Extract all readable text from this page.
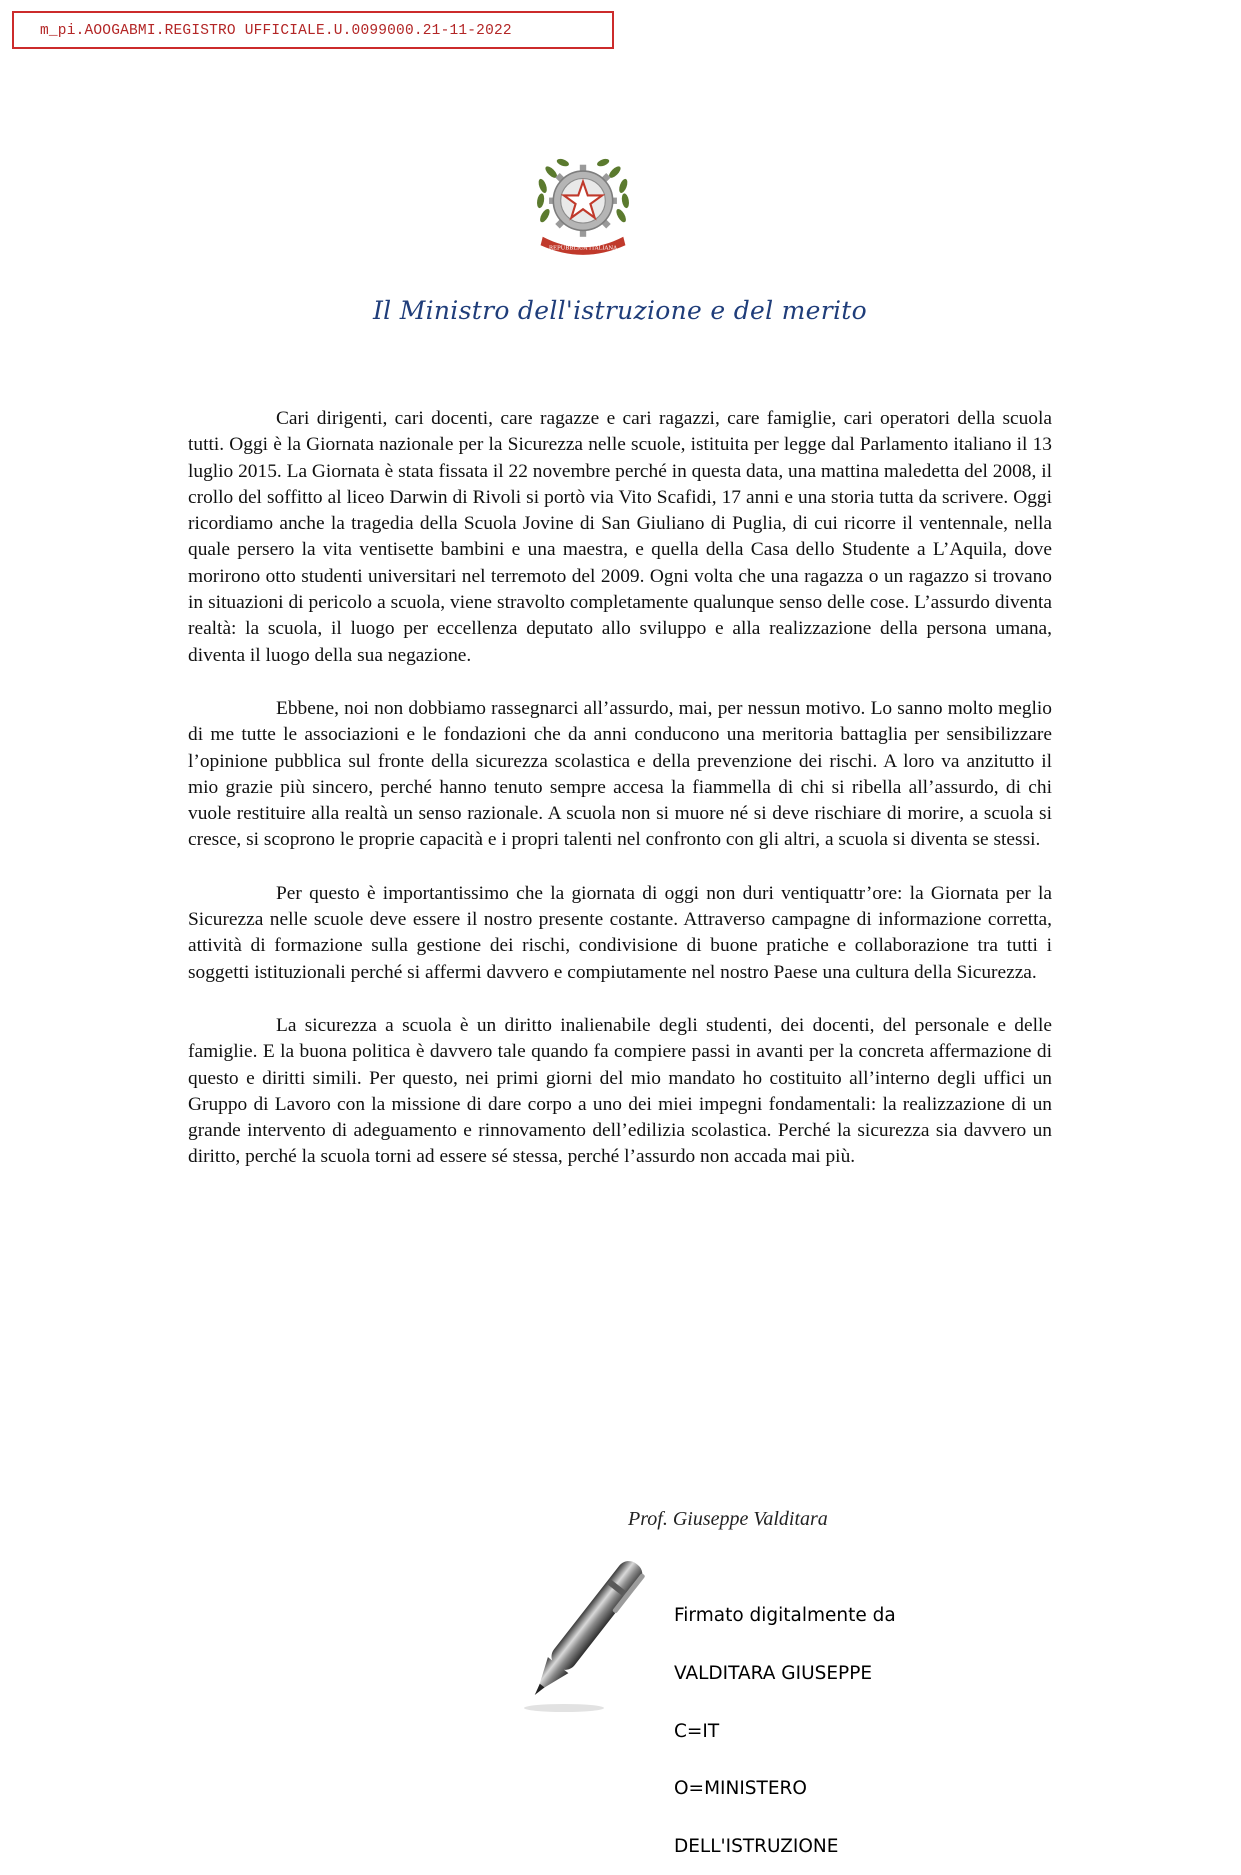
m_pi.AOOGABMI.REGISTRO UFFICIALE.U.0099000.21-11-2022
REPUBBLICA ITALIANA
Il Ministro dell'istruzione e del merito

Cari dirigenti, cari docenti, care ragazze e cari ragazzi, care famiglie, cari operatori della scuola tutti. Oggi è la Giornata nazionale per la Sicurezza nelle scuole, istituita per legge dal Parlamento italiano il 13 luglio 2015. La Giornata è stata fissata il 22 novembre perché in questa data, una mattina maledetta del 2008, il crollo del soffitto al liceo Darwin di Rivoli si portò via Vito Scafidi, 17 anni e una storia tutta da scrivere. Oggi ricordiamo anche la tragedia della Scuola Jovine di San Giuliano di Puglia, di cui ricorre il ventennale, nella quale persero la vita ventisette bambini e una maestra, e quella della Casa dello Studente a L’Aquila, dove morirono otto studenti universitari nel terremoto del 2009. Ogni volta che una ragazza o un ragazzo si trovano in situazioni di pericolo a scuola, viene stravolto completamente qualunque senso delle cose. L’assurdo diventa realtà: la scuola, il luogo per eccellenza deputato allo sviluppo e alla realizzazione della persona umana, diventa il luogo della sua negazione.

Ebbene, noi non dobbiamo rassegnarci all’assurdo, mai, per nessun motivo. Lo sanno molto meglio di me tutte le associazioni e le fondazioni che da anni conducono una meritoria battaglia per sensibilizzare l’opinione pubblica sul fronte della sicurezza scolastica e della prevenzione dei rischi. A loro va anzitutto il mio grazie più sincero, perché hanno tenuto sempre accesa la fiammella di chi si ribella all’assurdo, di chi vuole restituire alla realtà un senso razionale. A scuola non si muore né si deve rischiare di morire, a scuola si cresce, si scoprono le proprie capacità e i propri talenti nel confronto con gli altri, a scuola si diventa se stessi.

Per questo è importantissimo che la giornata di oggi non duri ventiquattr’ore: la Giornata per la Sicurezza nelle scuole deve essere il nostro presente costante. Attraverso campagne di informazione corretta, attività di formazione sulla gestione dei rischi, condivisione di buone pratiche e collaborazione tra tutti i soggetti istituzionali perché si affermi davvero e compiutamente nel nostro Paese una cultura della Sicurezza.

La sicurezza a scuola è un diritto inalienabile degli studenti, dei docenti, del personale e delle famiglie. E la buona politica è davvero tale quando fa compiere passi in avanti per la concreta affermazione di questo e diritti simili. Per questo, nei primi giorni del mio mandato ho costituito all’interno degli uffici un Gruppo di Lavoro con la missione di dare corpo a uno dei miei impegni fondamentali: la realizzazione di un grande intervento di adeguamento e rinnovamento dell’edilizia scolastica. Perché la sicurezza sia davvero un diritto, perché la scuola torni ad essere sé stessa, perché l’assurdo non accada mai più.

Prof. Giuseppe Valditara

Firmato digitalmente da

VALDITARA GIUSEPPE

C=IT

O=MINISTERO

DELL'ISTRUZIONE
